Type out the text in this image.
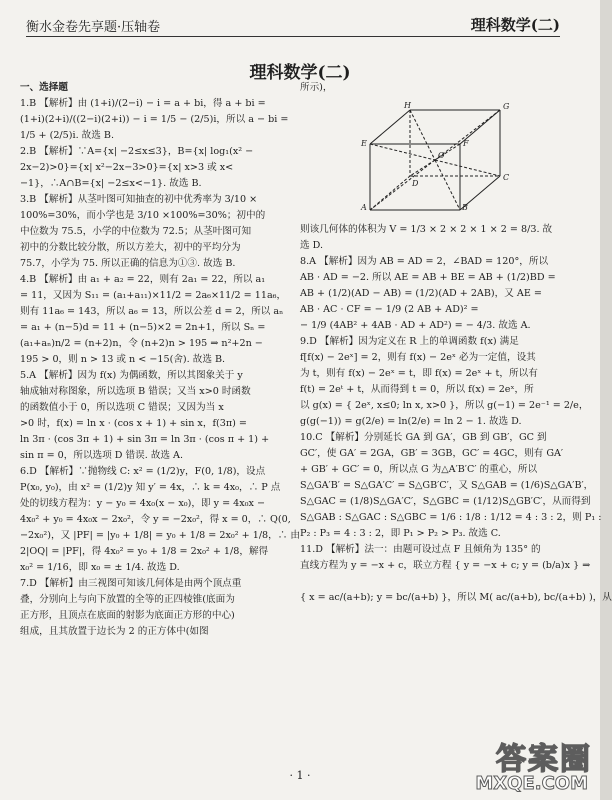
衡水金卷先享题·压轴卷	理科数学(二)
理科数学(二)
一、选择题
1.B 【解析】由 (1+i)/(2−i) − i = a + bi，得 a + bi =
(1+i)(2+i)/((2−i)(2+i)) − i = 1/5 − (2/5)i，所以 a − bi =
1/5 + (2/5)i. 故选 B.
2.B 【解析】∵A={x| −2≤x≤3}，B={x| log₁(x² −
2x−2)>0}={x| x²−2x−3>0}={x| x>3 或 x<
−1}，∴A∩B={x| −2≤x<−1}. 故选 B.
3.B 【解析】从茎叶图可知抽查的初中优秀率为 3/10 ×
100%=30%，而小学也是 3/10 ×100%=30%；初中的
中位数为 75.5，小学的中位数为 72.5；从茎叶图可知
初中的分数比较分散，所以方差大，初中的平均分为
75.7，小学为 75. 所以正确的信息为①③. 故选 B.
4.B 【解析】由 a₁ + a₂ = 22，则有 2a₁ = 22，所以 a₁
= 11，又因为 S₁₁ = (a₁+a₁₁)×11/2 = 2a₆×11/2 = 11a₆，
则有 11a₆ = 143，所以 a₆ = 13，所以公差 d = 2，所以 aₙ
= a₁ + (n−5)d = 11 + (n−5)×2 = 2n+1，所以 Sₙ =
(a₁+aₙ)n/2 = (n+2)n，令 (n+2)n > 195 ⇒ n²+2n −
195 > 0，则 n > 13 或 n < −15(舍). 故选 B.
5.A 【解析】因为 f(x) 为偶函数，所以其图象关于 y
轴成轴对称图象，所以选项 B 错误；又当 x>0 时函数
的函数值小于 0，所以选项 C 错误；又因为当 x
>0 时，f(x) = ln x · (cos x + 1) + sin x，f(3π) =
ln 3π · (cos 3π + 1) + sin 3π = ln 3π · (cos π + 1) +
sin π = 0，所以选项 D 错误. 故选 A.
6.D 【解析】∵抛物线 C: x² = (1/2)y，F(0, 1/8)，设点
P(x₀, y₀)，由 x² = (1/2)y 知 y′ = 4x，∴ k = 4x₀，∴ P 点
处的切线方程为：y − y₀ = 4x₀(x − x₀)，即 y = 4x₀x −
4x₀² + y₀ = 4x₀x − 2x₀²，令 y = −2x₀²，得 x = 0，∴ Q(0,
−2x₀²)，又 |PF| = |y₀ + 1/8| = y₀ + 1/8 = 2x₀² + 1/8，∴ 由
2|OQ| = |PF|，得 4x₀² = y₀ + 1/8 = 2x₀² + 1/8，解得
x₀² = 1/16，即 x₀ = ± 1/4. 故选 D.
7.D 【解析】由三视图可知该几何体是由两个顶点重
叠，分别向上与向下放置的全等的正四棱锥(底面为
正方形，且顶点在底面的射影为底面正方形的中心)
组成，且其放置于边长为 2 的正方体中(如图
所示)，
H	G
E	F
O
D
C
A	B
则该几何体的体积为 V = 1/3 × 2 × 2 × 1 × 2 = 8/3. 故
选 D.
8.A 【解析】因为 AB = AD = 2，∠BAD = 120°，所以
AB · AD = −2. 所以 AE = AB + BE = AB + (1/2)BD =
AB + (1/2)(AD − AB) = (1/2)(AD + 2AB)，又 AE =
AB · AC · CF = − 1/9 (2 AB + AD)² =
− 1/9 (4AB² + 4AB · AD + AD²) = − 4/3. 故选 A.
9.D 【解析】因为定义在 R 上的单调函数 f(x) 满足
f[f(x) − 2eˣ] = 2，则有 f(x) − 2eˣ 必为一定值，设其
为 t，则有 f(x) − 2eˣ = t，即 f(x) = 2eˣ + t，所以有
f(t) = 2eᵗ + t，从而得到 t = 0，所以 f(x) = 2eˣ，所
以 g(x) = { 2eˣ, x≤0; ln x, x>0 }，所以 g(−1) = 2e⁻¹ = 2/e，
g(g(−1)) = g(2/e) = ln(2/e) = ln 2 − 1. 故选 D.
10.C 【解析】分别延长 GA 到 GA′，GB 到 GB′，GC 到
GC′，使 GA′ = 2GA，GB′ = 3GB，GC′ = 4GC，则有 GA′
+ GB′ + GC′ = 0，所以点 G 为△A′B′C′ 的重心，所以
S△GA′B′ = S△GA′C′ = S△GB′C′，又 S△GAB = (1/6)S△GA′B′，
S△GAC = (1/8)S△GA′C′，S△GBC = (1/12)S△GB′C′，从而得到
S△GAB : S△GAC : S△GBC = 1/6 : 1/8 : 1/12 = 4 : 3 : 2，则 P₁ :
P₂ : P₃ = 4 : 3 : 2，即 P₁ > P₂ > P₃. 故选 C.
11.D 【解析】法一：由题可设过点 F 且倾角为 135° 的
直线方程为 y = −x + c，联立方程 { y = −x + c; y = (b/a)x } ⇒
{ x = ac/(a+b); y = bc/(a+b) }，所以 M( ac/(a+b), bc/(a+b) )，从
· 1 ·	答案圈
MXQE.COM
